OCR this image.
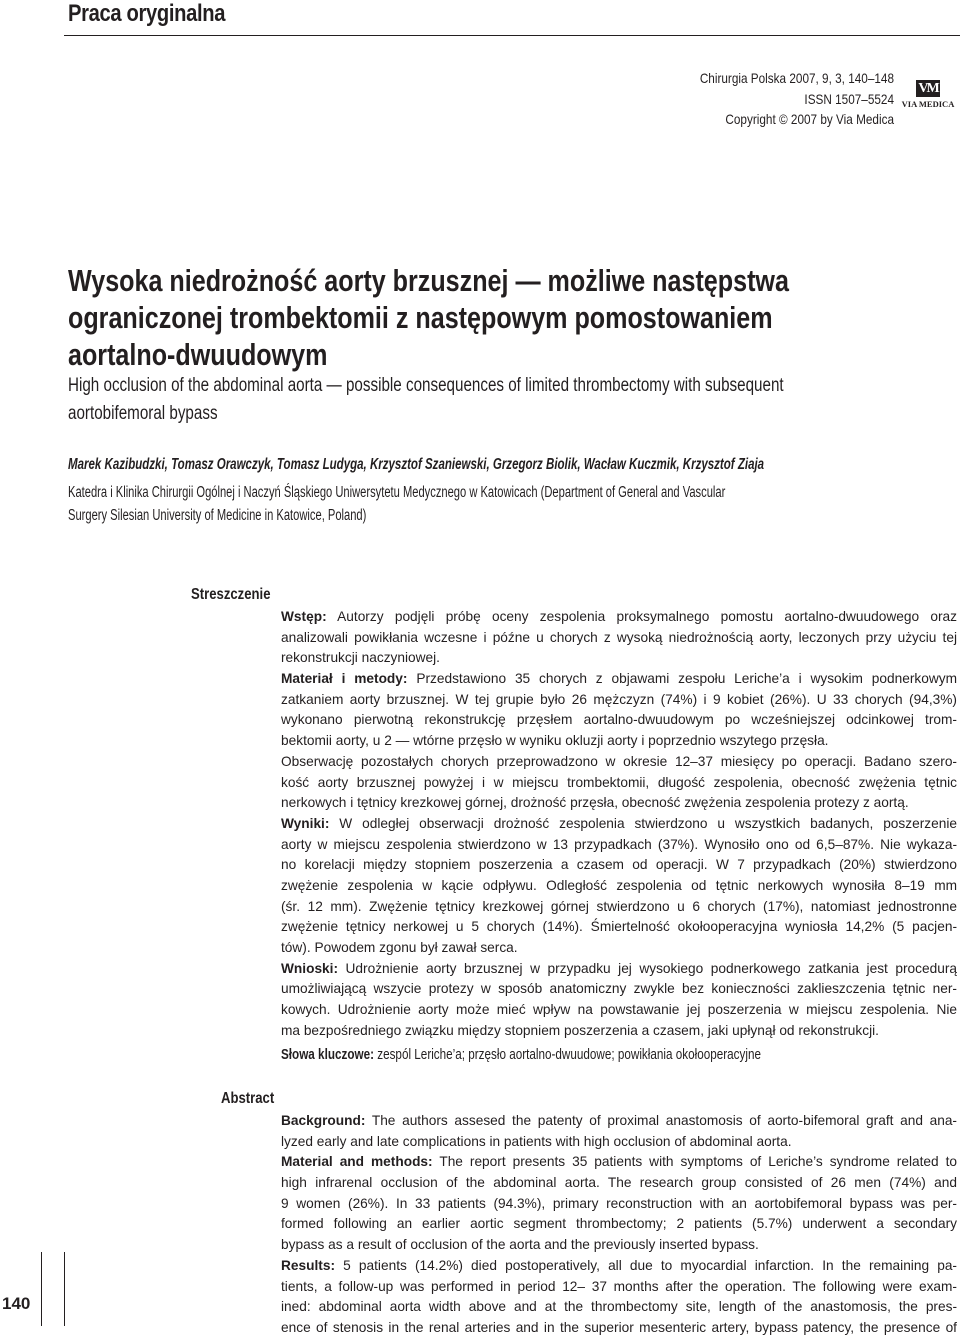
Praca oryginalna
Chirurgia Polska 2007, 9, 3, 140–148
ISSN 1507–5524
Copyright © 2007 by Via Medica
VM
VIA MEDICA
Wysoka niedrożność aorty brzusznej — możliwe następstwa
ograniczonej trombektomii z następowym pomostowaniem
aortalno-dwuudowym
High occlusion of the abdominal aorta — possible consequences of limited thrombectomy with subsequent
aortobifemoral bypass
Marek Kazibudzki, Tomasz Orawczyk, Tomasz Ludyga, Krzysztof Szaniewski, Grzegorz Biolik, Wacław Kuczmik, Krzysztof Ziaja
Katedra i Klinika Chirurgii Ogólnej i Naczyń Śląskiego Uniwersytetu Medycznego w Katowicach (Department of General and Vascular
Surgery Silesian University of Medicine in Katowice, Poland)
Streszczenie
Wstęp: Autorzy podjęli próbę oceny zespolenia proksymalnego pomostu aortalno-dwuudowego oraz
analizowali powikłania wczesne i późne u chorych z wysoką niedrożnością aorty, leczonych przy użyciu tej
rekonstrukcji naczyniowej.
Materiał i metody: Przedstawiono 35 chorych z objawami zespołu Leriche’a i wysokim podnerkowym
zatkaniem aorty brzusznej. W tej grupie było 26 mężczyzn (74%) i 9 kobiet (26%). U 33 chorych (94,3%)
wykonano pierwotną rekonstrukcję przęsłem aortalno-dwuudowym po wcześniejszej odcinkowej trom-
bektomii aorty, u 2 — wtórne przęsło w wyniku okluzji aorty i poprzednio wszytego przęsła.
Obserwację pozostałych chorych przeprowadzono w okresie 12–37 miesięcy po operacji. Badano szero-
kość aorty brzusznej powyżej i w miejscu trombektomii, długość zespolenia, obecność zwężenia tętnic
nerkowych i tętnicy krezkowej górnej, drożność przęsła, obecność zwężenia zespolenia protezy z aortą.
Wyniki: W odległej obserwacji drożność zespolenia stwierdzono u wszystkich badanych, poszerzenie
aorty w miejscu zespolenia stwierdzono w 13 przypadkach (37%). Wynosiło ono od 6,5–87%. Nie wykaza-
no korelacji między stopniem poszerzenia a czasem od operacji. W 7 przypadkach (20%) stwierdzono
zwężenie zespolenia w kącie odpływu. Odległość zespolenia od tętnic nerkowych wynosiła 8–19 mm
(śr. 12 mm). Zwężenie tętnicy krezkowej górnej stwierdzono u 6 chorych (17%), natomiast jednostronne
zwężenie tętnicy nerkowej u 5 chorych (14%). Śmiertelność okołooperacyjna wyniosła 14,2% (5 pacjen-
tów). Powodem zgonu był zawał serca.
Wnioski: Udrożnienie aorty brzusznej w przypadku jej wysokiego podnerkowego zatkania jest procedurą
umożliwiającą wszycie protezy w sposób anatomiczny zwykle bez konieczności zaklieszczenia tętnic ner-
kowych. Udrożnienie aorty może mieć wpływ na powstawanie jej poszerzenia w miejscu zespolenia. Nie
ma bezpośredniego związku między stopniem poszerzenia a czasem, jaki upłynął od rekonstrukcji.
Słowa kluczowe: zespól Leriche’a; przęsło aortalno-dwuudowe; powikłania okołooperacyjne
Abstract
Background: The authors assesed the patenty of proximal anastomosis of aorto-bifemoral graft and ana-
lyzed early and late complications in patients with high occlusion of abdominal aorta.
Material and methods: The report presents 35 patients with symptoms of Leriche’s syndrome related to
high infrarenal occlusion of the abdominal aorta. The research group consisted of 26 men (74%) and
9 women (26%). In 33 patients (94.3%), primary reconstruction with an aortobifemoral bypass was per-
formed following an earlier aortic segment thrombectomy; 2 patients (5.7%) underwent a secondary
bypass as a result of occlusion of the aorta and the previously inserted bypass.
Results: 5 patients (14.2%) died postoperatively, all due to myocardial infarction. In the remaining pa-
tients, a follow-up was performed in period 12– 37 months after the operation. The following were exam-
ined: abdominal aorta width above and at the thrombectomy site, length of the anastomosis, the pres-
ence of stenosis in the renal arteries and in the superior mesenteric artery, bypass patency, the presence of
140
